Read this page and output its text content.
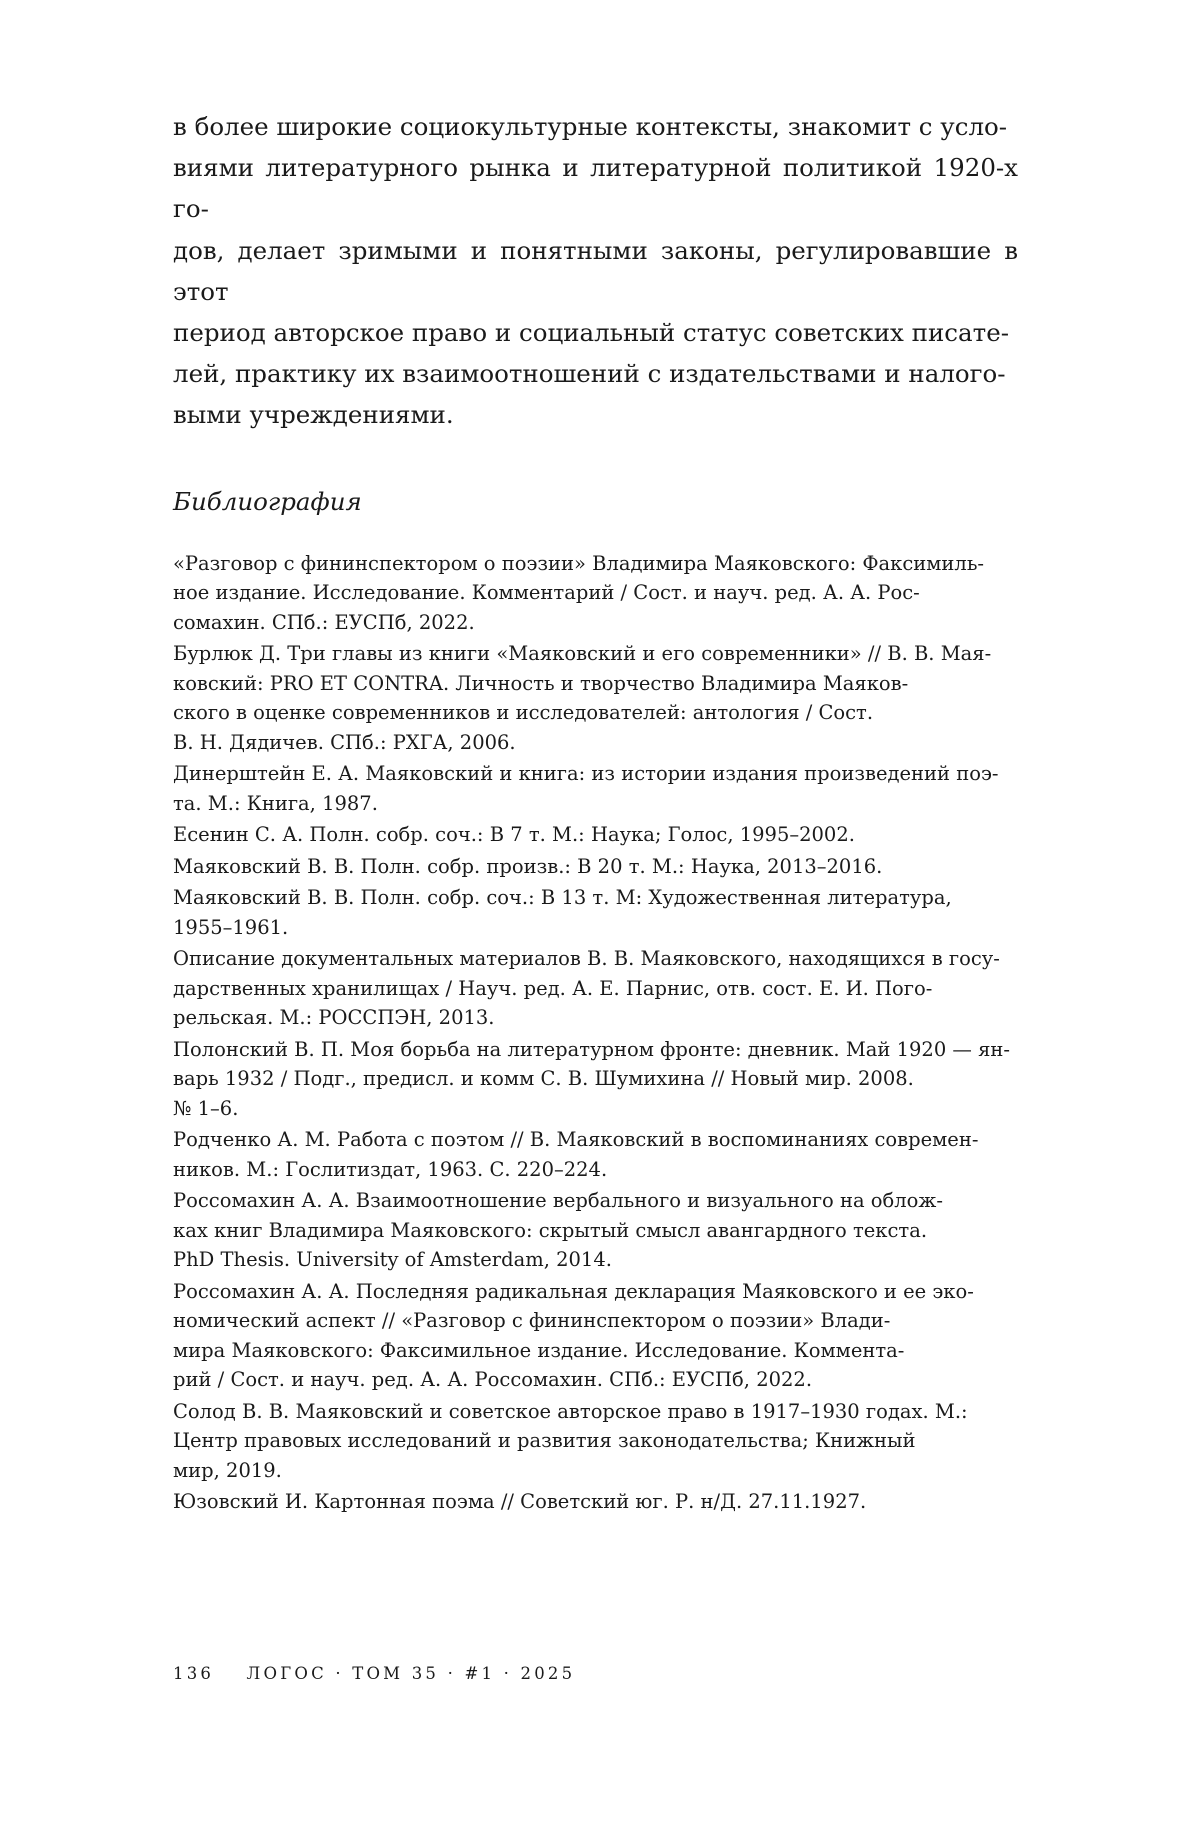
в более широкие социокультурные контексты, знакомит с усло-
виями литературного рынка и литературной политикой 1920-х го-
дов, делает зримыми и понятными законы, регулировавшие в этот
период авторское право и социальный статус советских писате-
лей, практику их взаимоотношений с издательствами и налого-
выми учреждениями.

Библиография
«Разговор с фининспектором о поэзии» Владимира Маяковского: Факсимиль-
ное издание. Исследование. Комментарий / Сост. и науч. ред. А. А. Рос-
сомахин. СПб.: ЕУСПб, 2022.
Бурлюк Д. Три главы из книги «Маяковский и его современники» // В. В. Мая-
ковский: PRO ET CONTRA. Личность и творчество Владимира Маяков-
ского в оценке современников и исследователей: антология / Сост.
В. Н. Дядичев. СПб.: РХГА, 2006.
Динерштейн Е. А. Маяковский и книга: из истории издания произведений поэ-
та. М.: Книга, 1987.
Есенин С. А. Полн. собр. соч.: В 7 т. М.: Наука; Голос, 1995–2002.
Маяковский В. В. Полн. собр. произв.: В 20 т. М.: Наука, 2013–2016.
Маяковский В. В. Полн. собр. соч.: В 13 т. М: Художественная литература,
1955–1961.
Описание документальных материалов В. В. Маяковского, находящихся в госу-
дарственных хранилищах / Науч. ред. А. Е. Парнис, отв. сост. Е. И. Пого-
рельская. М.: РОССПЭН, 2013.
Полонский В. П. Моя борьба на литературном фронте: дневник. Май 1920 — ян-
варь 1932 / Подг., предисл. и комм С. В. Шумихина // Новый мир. 2008.
№ 1–6.
Родченко А. М. Работа с поэтом // В. Маяковский в воспоминаниях современ-
ников. М.: Гослитиздат, 1963. С. 220–224.
Россомахин А. А. Взаимоотношение вербального и визуального на облож-
ках книг Владимира Маяковского: скрытый смысл авангардного текста.
PhD Thesis. University of Amsterdam, 2014.
Россомахин А. А. Последняя радикальная декларация Маяковского и ее эко-
номический аспект // «Разговор с фининспектором о поэзии» Влади-
мира Маяковского: Факсимильное издание. Исследование. Коммента-
рий / Сост. и науч. ред. А. А. Россомахин. СПб.: ЕУСПб, 2022.
Солод В. В. Маяковский и советское авторское право в 1917–1930 годах. М.:
Центр правовых исследований и развития законодательства; Книжный
мир, 2019.
Юзовский И. Картонная поэма // Советский юг. Р. н/Д. 27.11.1927.
136 ЛОГОС · ТОМ 35 · #1 · 2025
